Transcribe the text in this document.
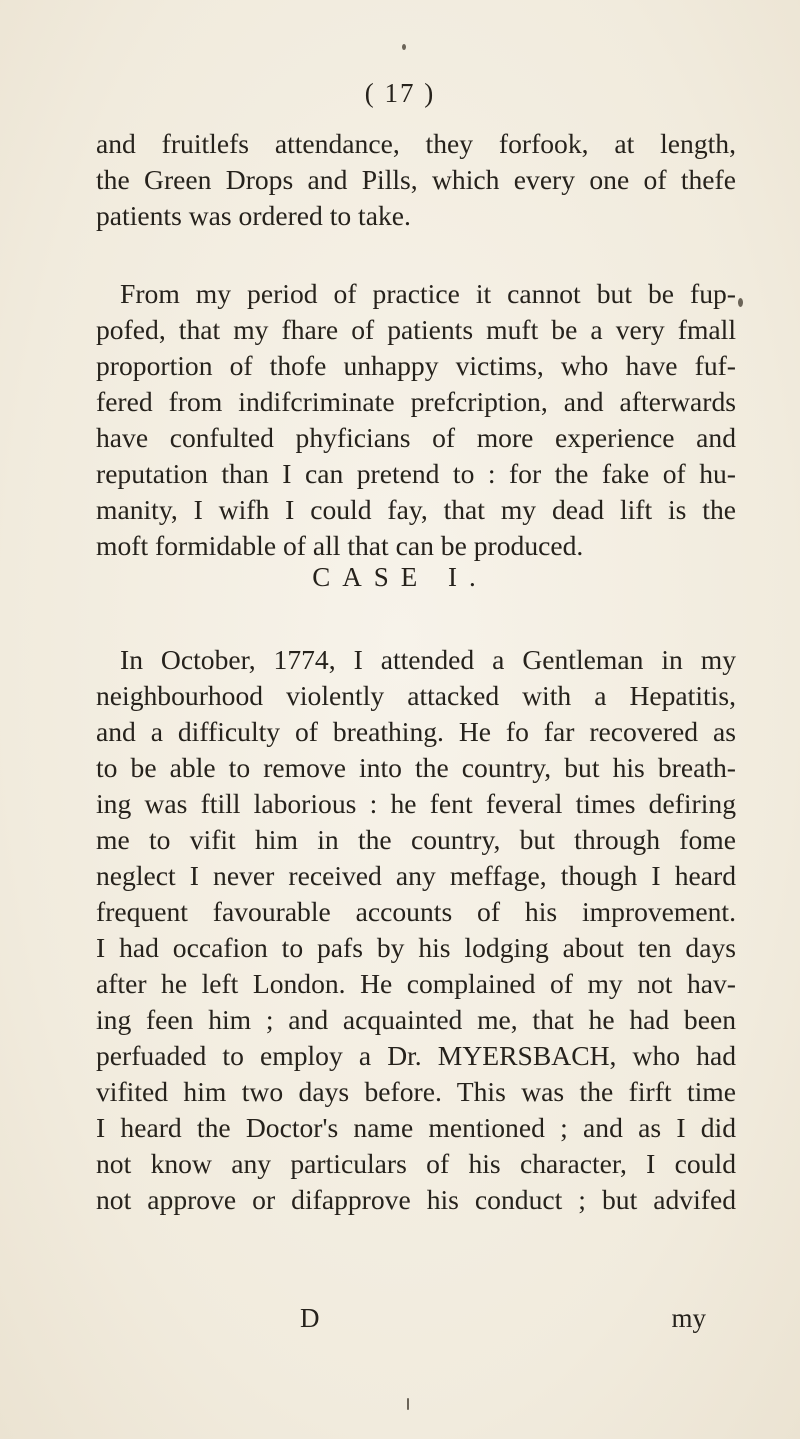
( 17 )
and fruitlefs attendance, they forfook, at length,
the Green Drops and Pills, which every one of thefe
patients was ordered to take.
From my period of practice it cannot but be fup-
pofed, that my fhare of patients muft be a very fmall
proportion of thofe unhappy victims, who have fuf-
fered from indifcriminate prefcription, and afterwards
have confulted phyficians of more experience and
reputation than I can pretend to : for the fake of hu-
manity, I wifh I could fay, that my dead lift is the
moft formidable of all that can be produced.
CASE I.
In October, 1774, I attended a Gentleman in my
neighbourhood violently attacked with a Hepatitis,
and a difficulty of breathing. He fo far recovered as
to be able to remove into the country, but his breath-
ing was ftill laborious : he fent feveral times defiring
me to vifit him in the country, but through fome
neglect I never received any meffage, though I heard
frequent favourable accounts of his improvement.
I had occafion to pafs by his lodging about ten days
after he left London. He complained of my not hav-
ing feen him ; and acquainted me, that he had been
perfuaded to employ a Dr. MYERSBACH, who had
vifited him two days before. This was the firft time
I heard the Doctor's name mentioned ; and as I did
not know any particulars of his character, I could
not approve or difapprove his conduct ; but advifed
D	my
